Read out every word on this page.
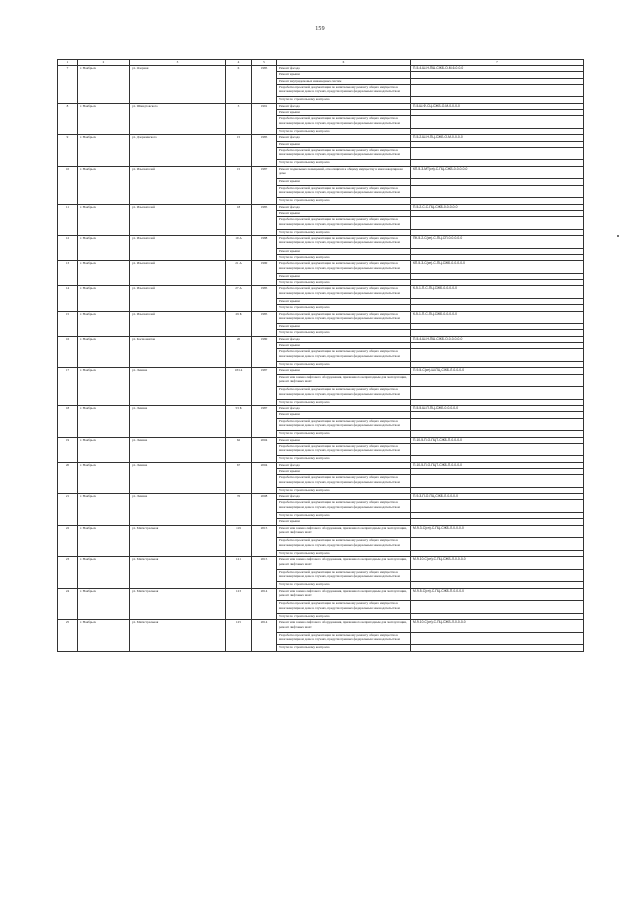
159
1	2	3	4	5	6	7
7	г. Ноябрьск	ул. Озерная	6	1985	Ремонт фасада	П-5-4-Ш-Н-ПШ-СЖБ-О-М-6-0-0-0
					Ремонт крыши	
					Ремонт внутридомовых инженерных систем	
					Разработка проектной документации по капитальному ремонту общего имущества в многоквартирном доме в случаях, предусмотренных федеральным законодательством	
					Услуги по строительному контролю	
8	г. Ноябрьск	ул. Шмидтовского	3	1991	Ремонт фасада	П-5-Ш-Ф-СЦ-СЖБ-О-М-0-0-0-0
					Ремонт крыши	
					Разработка проектной документации по капитальному ремонту общего имущества в многоквартирном доме в случаях, предусмотренных федеральным законодательством	
					Услуги по строительному контролю	
9	г. Ноябрьск	ул. Дзержинского	15	1985	Ремонт фасада	П-5-2-Ш-Н-ПЦ-СЖБ-О-М-0-0-0-0
					Ремонт крыши	
					Разработка проектной документации по капитальному ремонту общего имущества в многоквартирном доме в случаях, предусмотренных федеральным законодательством	
					Услуги по строительному контролю	
10	г. Ноябрьск	ул. Изыскателей	15	1987	Ремонт подвальных помещений, относящихся к общему имуществу в многоквартирном доме	КП-5-3-МТ(сп)-С-ПЦ-СЖБ-0-0-0-0-0
					Ремонт крыши	
					Разработка проектной документации по капитальному ремонту общего имущества в многоквартирном доме в случаях, предусмотренных федеральным законодательством	
					Услуги по строительному контролю	
11	г. Ноябрьск	ул. Изыскателей	18	1985	Ремонт фасада	П-5-2-С-С-ПЦ-СЖБ-0-0-0-0-0
					Ремонт крыши	
					Разработка проектной документации по капитальному ремонту общего имущества в многоквартирном доме в случаях, предусмотренных федеральным законодательством	
					Услуги по строительному контролю	
12	г. Ноябрьск	ул. Изыскателей	19 А	1988	Разработка проектной документации по капитальному ремонту общего имущества в многоквартирном доме в случаях, предусмотренных федеральным законодательством	ПК-5-2-С(сп)-С-ПЦ-СП-0-0-0-0-0
					Ремонт крыши	
					Услуги по строительному контролю	
13	г. Ноябрьск	ул. Изыскателей	21 А	1990	Разработка проектной документации по капитальному ремонту общего имущества в многоквартирном доме в случаях, предусмотренных федеральным законодательством	КП-5-3-С(сп)-С-ПЦ-СЖБ-0-0-0-0-0
					Ремонт крыши	
					Услуги по строительному контролю	
14	г. Ноябрьск	ул. Изыскателей	27 А	1985	Разработка проектной документации по капитальному ремонту общего имущества в многоквартирном доме в случаях, предусмотренных федеральным законодательством	К-5-1-П-С-ПЦ-СЖБ-0-0-0-0-0
					Ремонт крыши	
					Услуги по строительному контролю	
15	г. Ноябрьск	ул. Изыскателей	29 Б	1985	Разработка проектной документации по капитальному ремонту общего имущества в многоквартирном доме в случаях, предусмотренных федеральным законодательством	К-5-1-П-С-ПЦ-СЖБ-0-0-0-0-0
					Ремонт крыши	
					Услуги по строительному контролю	
16	г. Ноябрьск	ул. Космонавтов	20	1980	Ремонт фасада	П-5-4-Ш-Н-ПШ-СЖБ-О-0-0-0-0-0
					Ремонт крыши	
					Разработка проектной документации по капитальному ремонту общего имущества в многоквартирном доме в случаях, предусмотренных федеральным законодательством	
					Услуги по строительному контролю	
17	г. Ноябрьск	ул. Ленина	18/14	1987	Ремонт крыши	П-9-5-С(сп)-Ш-ПЦ-СЖБ-Л-0-0-0-0
					Ремонт или замена лифтового оборудования, признанного непригодным для эксплуатации, ремонт лифтовых шахт	
					Разработка проектной документации по капитальному ремонту общего имущества в многоквартирном доме в случаях, предусмотренных федеральным законодательством	
					Услуги по строительному контролю	
18	г. Ноябрьск	ул. Ленина	53 Б	1987	Ремонт фасада	П-5-5-Ш-П-ПЦ-СЖБ-0-0-0-0-0
					Ремонт крыши	
					Разработка проектной документации по капитальному ремонту общего имущества в многоквартирном доме в случаях, предусмотренных федеральным законодательством	
					Услуги по строительному контролю	
19	г. Ноябрьск	ул. Ленина	62	2004	Ремонт крыши	П-10-5-П-О-ПЦТ-СЖБ-П-0-0-0-0
					Разработка проектной документации по капитальному ремонту общего имущества в многоквартирном доме в случаях, предусмотренных федеральным законодательством	
					Услуги по строительному контролю	
20	г. Ноябрьск	ул. Ленина	67	2004	Ремонт фасада	П-10-5-П-О-ПЦТ-СЖБ-П-0-0-0-0
					Ремонт крыши	
					Разработка проектной документации по капитальному ремонту общего имущества в многоквартирном доме в случаях, предусмотренных федеральным законодательством	
					Услуги по строительному контролю	
21	г. Ноябрьск	ул. Ленина	76	2008	Ремонт фасада	П-9-3-П-О-ПЦ-СЖБ-Л-0-0-0-0
					Разработка проектной документации по капитальному ремонту общего имущества в многоквартирном доме в случаях, предусмотренных федеральным законодательством	
					Услуги по строительному контролю	
					Ремонт крыши	
22	г. Ноябрьск	ул. Магистральная	119	2015	Ремонт или замена лифтового оборудования, признанного непригодным для эксплуатации, ремонт лифтовых шахт	М-9-3-С(сп)-С-ПЦ-СЖБ-Л-0-0-0-0
					Разработка проектной документации по капитальному ремонту общего имущества в многоквартирном доме в случаях, предусмотренных федеральным законодательством	
					Услуги по строительному контролю	
23	г. Ноябрьск	ул. Магистральная	121	2015	Ремонт или замена лифтового оборудования, признанного непригодным для эксплуатации, ремонт лифтовых шахт	М-9-10-С(сп)-С-ПЦ-СЖБ-Л-0-0-0-0
					Разработка проектной документации по капитальному ремонту общего имущества в многоквартирном доме в случаях, предусмотренных федеральным законодательством	
					Услуги по строительному контролю	
24	г. Ноябрьск	ул. Магистральная	123	2014	Ремонт или замена лифтового оборудования, признанного непригодным для эксплуатации, ремонт лифтовых шахт	М-9-5-С(сп)-С-ПЦ-СЖБ-П-0-0-0-0
					Разработка проектной документации по капитальному ремонту общего имущества в многоквартирном доме в случаях, предусмотренных федеральным законодательством	
					Услуги по строительному контролю	
25	г. Ноябрьск	ул. Магистральная	125	2014	Ремонт или замена лифтового оборудования, признанного непригодным для эксплуатации, ремонт лифтовых шахт	М-9-10-С(сп)-С-ПЦ-СЖБ-Л-0-0-0-0
					Разработка проектной документации по капитальному ремонту общего имущества в многоквартирном доме в случаях, предусмотренных федеральным законодательством	
					Услуги по строительному контролю	
